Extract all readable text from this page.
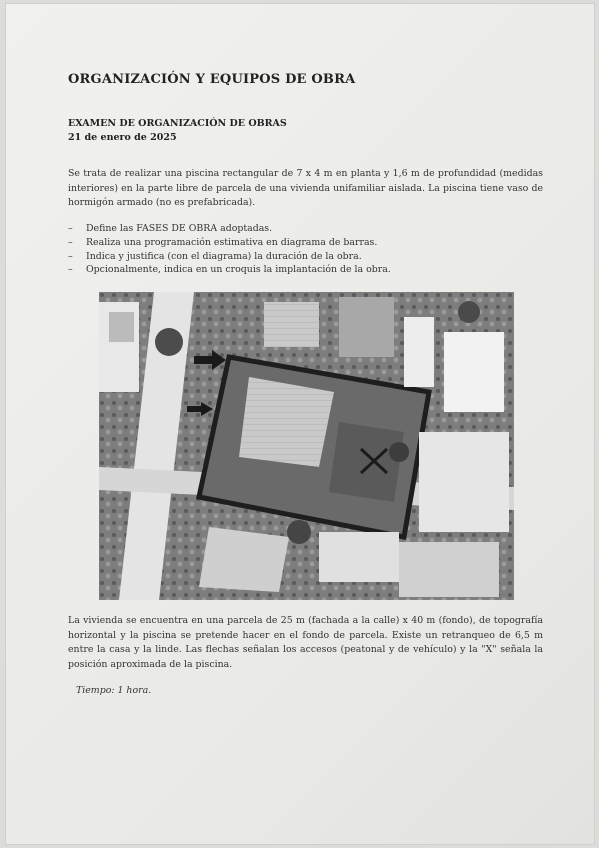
ORGANIZACIÓN Y EQUIPOS DE OBRA
EXAMEN DE ORGANIZACIÓN DE OBRAS
21 de enero de 2025
Se trata de realizar una piscina rectangular de 7 x 4 m en planta y 1,6 m de profundidad (medidas interiores) en la parte libre de parcela de una vivienda unifamiliar aislada. La piscina tiene vaso de hormigón armado (no es prefabricada).
– Define las FASES DE OBRA adoptadas.
– Realiza una programación estimativa en diagrama de barras.
– Indica y justifica (con el diagrama) la duración de la obra.
– Opcionalmente, indica en un croquis la implantación de la obra.
La vivienda se encuentra en una parcela de 25 m (fachada a la calle) x 40 m (fondo), de topografía horizontal y la piscina se pretende hacer en el fondo de parcela. Existe un retranqueo de 6,5 m entre la casa y la linde. Las flechas señalan los accesos (peatonal y de vehículo) y la "X" señala la posición aproximada de la piscina.
Tiempo: 1 hora.
